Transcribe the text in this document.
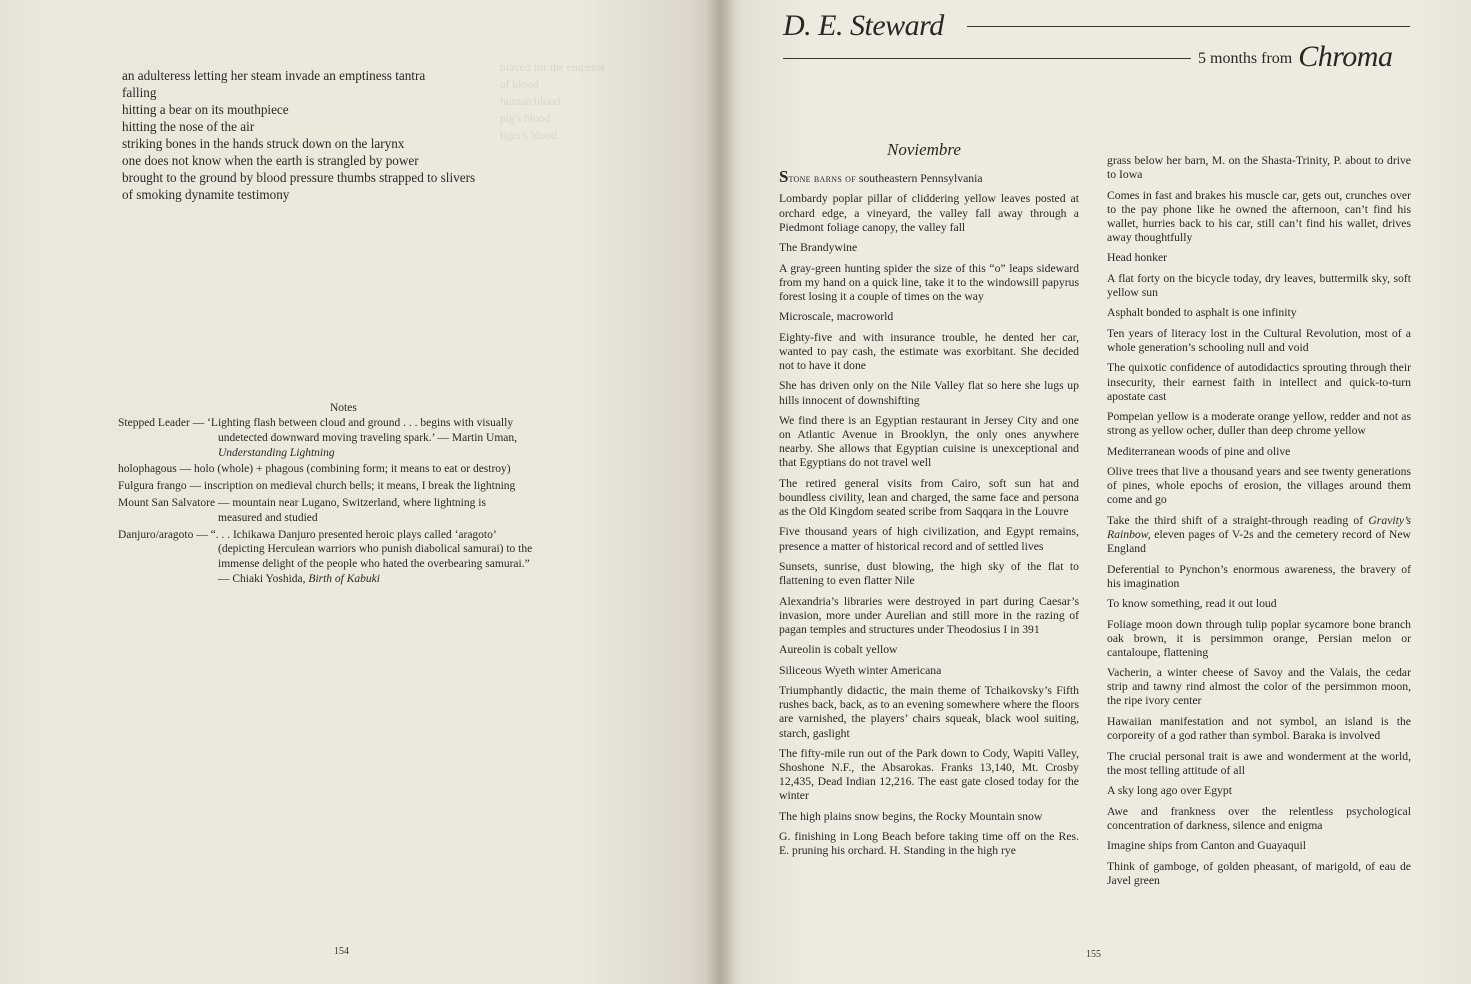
played for the emperor
of blood
human blood
pig's blood
tiger's blood
an adulteress letting her steam invade an emptiness tantra
falling
hitting a bear on its mouthpiece
hitting the nose of the air
striking bones in the hands struck down on the larynx
one does not know when the earth is strangled by power
brought to the ground by blood pressure thumbs strapped to slivers
of smoking dynamite testimony
Notes
Stepped Leader — ‘Lighting flash between cloud and ground . . . begins with visually
undetected downward moving traveling spark.’ — Martin Uman,
Understanding Lightning
holophagous — holo (whole) + phagous (combining form; it means to eat or destroy)
Fulgura frango — inscription on medieval church bells; it means, I break the lightning
Mount San Salvatore — mountain near Lugano, Switzerland, where lightning is
measured and studied
Danjuro/aragoto — “. . . Ichikawa Danjuro presented heroic plays called ‘aragoto’
(depicting Herculean warriors who punish diabolical samurai) to the
immense delight of the people who hated the overbearing samurai.”
— Chiaki Yoshida, Birth of Kabuki
154
D. E. Steward
5 months from Chroma
Noviembre

Stone barns of southeastern Pennsylvania

Lombardy poplar pillar of cliddering yellow leaves posted at orchard edge, a vineyard, the valley fall away through a Piedmont foliage canopy, the valley fall

The Brandywine

A gray-green hunting spider the size of this “o” leaps sideward from my hand on a quick line, take it to the windowsill papyrus forest losing it a couple of times on the way

Microscale, macroworld

Eighty-five and with insurance trouble, he dented her car, wanted to pay cash, the estimate was exorbitant. She decided not to have it done

She has driven only on the Nile Valley flat so here she lugs up hills innocent of downshifting

We find there is an Egyptian restaurant in Jersey City and one on Atlantic Avenue in Brooklyn, the only ones anywhere nearby. She allows that Egyptian cuisine is unexceptional and that Egyptians do not travel well

The retired general visits from Cairo, soft sun hat and boundless civility, lean and charged, the same face and persona as the Old Kingdom seated scribe from Saqqara in the Louvre

Five thousand years of high civilization, and Egypt remains, presence a matter of historical record and of settled lives

Sunsets, sunrise, dust blowing, the high sky of the flat to flattening to even flatter Nile

Alexandria’s libraries were destroyed in part during Caesar’s invasion, more under Aurelian and still more in the razing of pagan temples and structures under Theodosius I in 391

Aureolin is cobalt yellow

Siliceous Wyeth winter Americana

Triumphantly didactic, the main theme of Tchaikovsky’s Fifth rushes back, back, as to an evening somewhere where the floors are varnished, the players’ chairs squeak, black wool suiting, starch, gaslight

The fifty-mile run out of the Park down to Cody, Wapiti Valley, Shoshone N.F., the Absarokas. Franks 13,140, Mt. Crosby 12,435, Dead Indian 12,216. The east gate closed today for the winter

The high plains snow begins, the Rocky Mountain snow

G. finishing in Long Beach before taking time off on the Res. E. pruning his orchard. H. Standing in the high rye

grass below her barn, M. on the Shasta-Trinity, P. about to drive to Iowa

Comes in fast and brakes his muscle car, gets out, crunches over to the pay phone like he owned the afternoon, can’t find his wallet, hurries back to his car, still can’t find his wallet, drives away thoughtfully

Head honker

A flat forty on the bicycle today, dry leaves, buttermilk sky, soft yellow sun

Asphalt bonded to asphalt is one infinity

Ten years of literacy lost in the Cultural Revolution, most of a whole generation’s schooling null and void

The quixotic confidence of autodidactics sprouting through their insecurity, their earnest faith in intellect and quick-to-turn apostate cast

Pompeian yellow is a moderate orange yellow, redder and not as strong as yellow ocher, duller than deep chrome yellow

Mediterranean woods of pine and olive

Olive trees that live a thousand years and see twenty generations of pines, whole epochs of erosion, the villages around them come and go

Take the third shift of a straight-through reading of Gravity’s Rainbow, eleven pages of V-2s and the cemetery record of New England

Deferential to Pynchon’s enormous awareness, the bravery of his imagination

To know something, read it out loud

Foliage moon down through tulip poplar sycamore bone branch oak brown, it is persimmon orange, Persian melon or cantaloupe, flattening

Vacherin, a winter cheese of Savoy and the Valais, the cedar strip and tawny rind almost the color of the persimmon moon, the ripe ivory center

Hawaiian manifestation and not symbol, an island is the corporeity of a god rather than symbol. Baraka is involved

The crucial personal trait is awe and wonderment at the world, the most telling attitude of all

A sky long ago over Egypt

Awe and frankness over the relentless psychological concentration of darkness, silence and enigma

Imagine ships from Canton and Guayaquil

Think of gamboge, of golden pheasant, of marigold, of eau de Javel green

155
